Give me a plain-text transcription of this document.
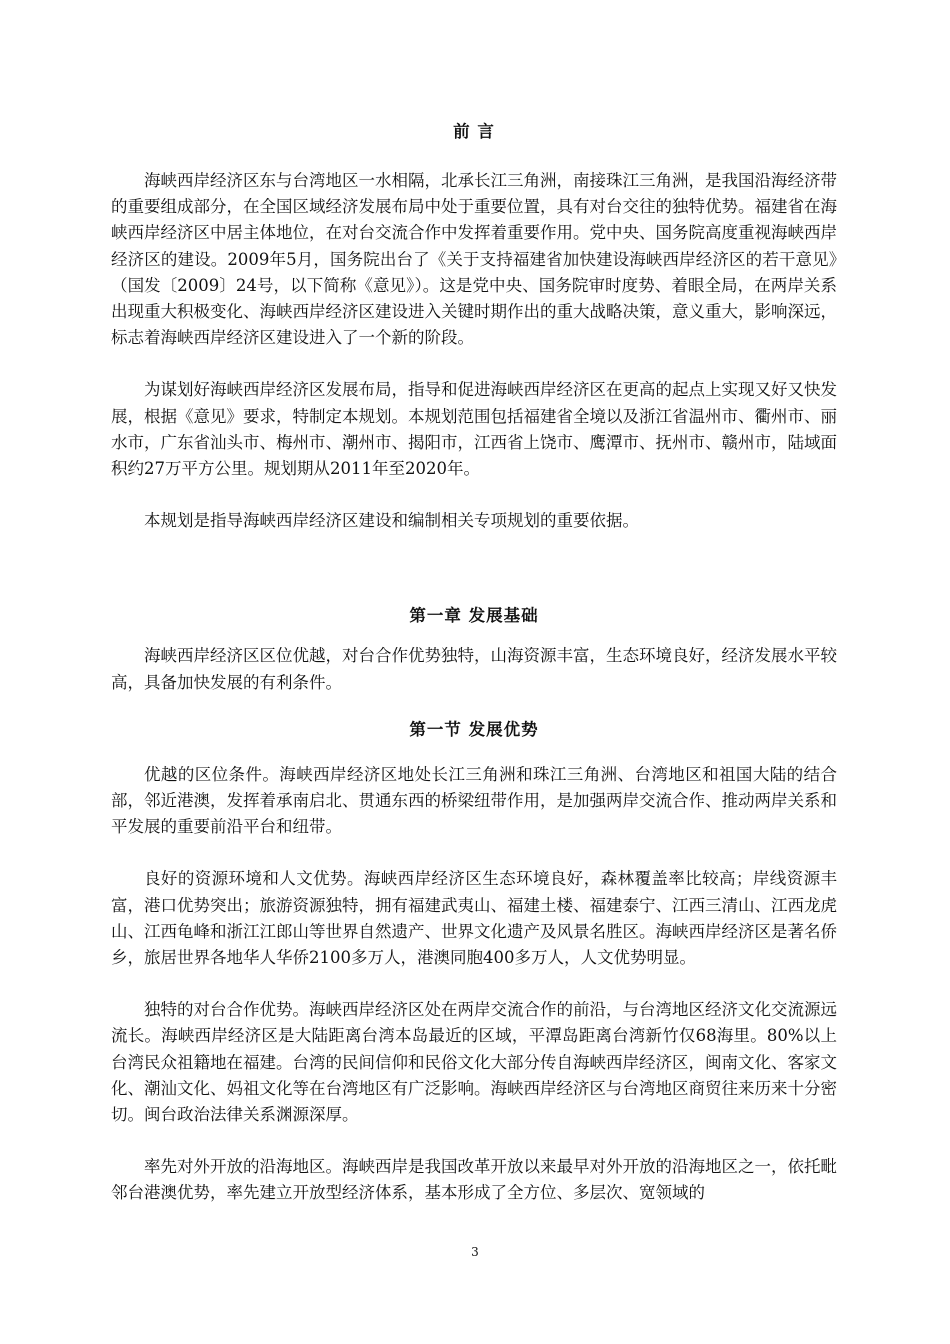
前 言

海峡西岸经济区东与台湾地区一水相隔，北承长江三角洲，南接珠江三角洲，是我国沿海经济带的重要组成部分，在全国区域经济发展布局中处于重要位置，具有对台交往的独特优势。福建省在海峡西岸经济区中居主体地位，在对台交流合作中发挥着重要作用。党中央、国务院高度重视海峡西岸经济区的建设。2009年5月，国务院出台了《关于支持福建省加快建设海峡西岸经济区的若干意见》（国发〔2009〕24号，以下简称《意见》）。这是党中央、国务院审时度势、着眼全局，在两岸关系出现重大积极变化、海峡西岸经济区建设进入关键时期作出的重大战略决策，意义重大，影响深远，标志着海峡西岸经济区建设进入了一个新的阶段。

为谋划好海峡西岸经济区发展布局，指导和促进海峡西岸经济区在更高的起点上实现又好又快发展，根据《意见》要求，特制定本规划。本规划范围包括福建省全境以及浙江省温州市、衢州市、丽水市，广东省汕头市、梅州市、潮州市、揭阳市，江西省上饶市、鹰潭市、抚州市、赣州市，陆域面积约27万平方公里。规划期从2011年至2020年。

本规划是指导海峡西岸经济区建设和编制相关专项规划的重要依据。

第一章 发展基础

海峡西岸经济区区位优越，对台合作优势独特，山海资源丰富，生态环境良好，经济发展水平较高，具备加快发展的有利条件。

第一节 发展优势

优越的区位条件。海峡西岸经济区地处长江三角洲和珠江三角洲、台湾地区和祖国大陆的结合部，邻近港澳，发挥着承南启北、贯通东西的桥梁纽带作用，是加强两岸交流合作、推动两岸关系和平发展的重要前沿平台和纽带。

良好的资源环境和人文优势。海峡西岸经济区生态环境良好，森林覆盖率比较高；岸线资源丰富，港口优势突出；旅游资源独特，拥有福建武夷山、福建土楼、福建泰宁、江西三清山、江西龙虎山、江西龟峰和浙江江郎山等世界自然遗产、世界文化遗产及风景名胜区。海峡西岸经济区是著名侨乡，旅居世界各地华人华侨2100多万人，港澳同胞400多万人，人文优势明显。

独特的对台合作优势。海峡西岸经济区处在两岸交流合作的前沿，与台湾地区经济文化交流源远流长。海峡西岸经济区是大陆距离台湾本岛最近的区域，平潭岛距离台湾新竹仅68海里。80%以上台湾民众祖籍地在福建。台湾的民间信仰和民俗文化大部分传自海峡西岸经济区，闽南文化、客家文化、潮汕文化、妈祖文化等在台湾地区有广泛影响。海峡西岸经济区与台湾地区商贸往来历来十分密切。闽台政治法律关系渊源深厚。

率先对外开放的沿海地区。海峡西岸是我国改革开放以来最早对外开放的沿海地区之一，依托毗邻台港澳优势，率先建立开放型经济体系，基本形成了全方位、多层次、宽领域的

3
